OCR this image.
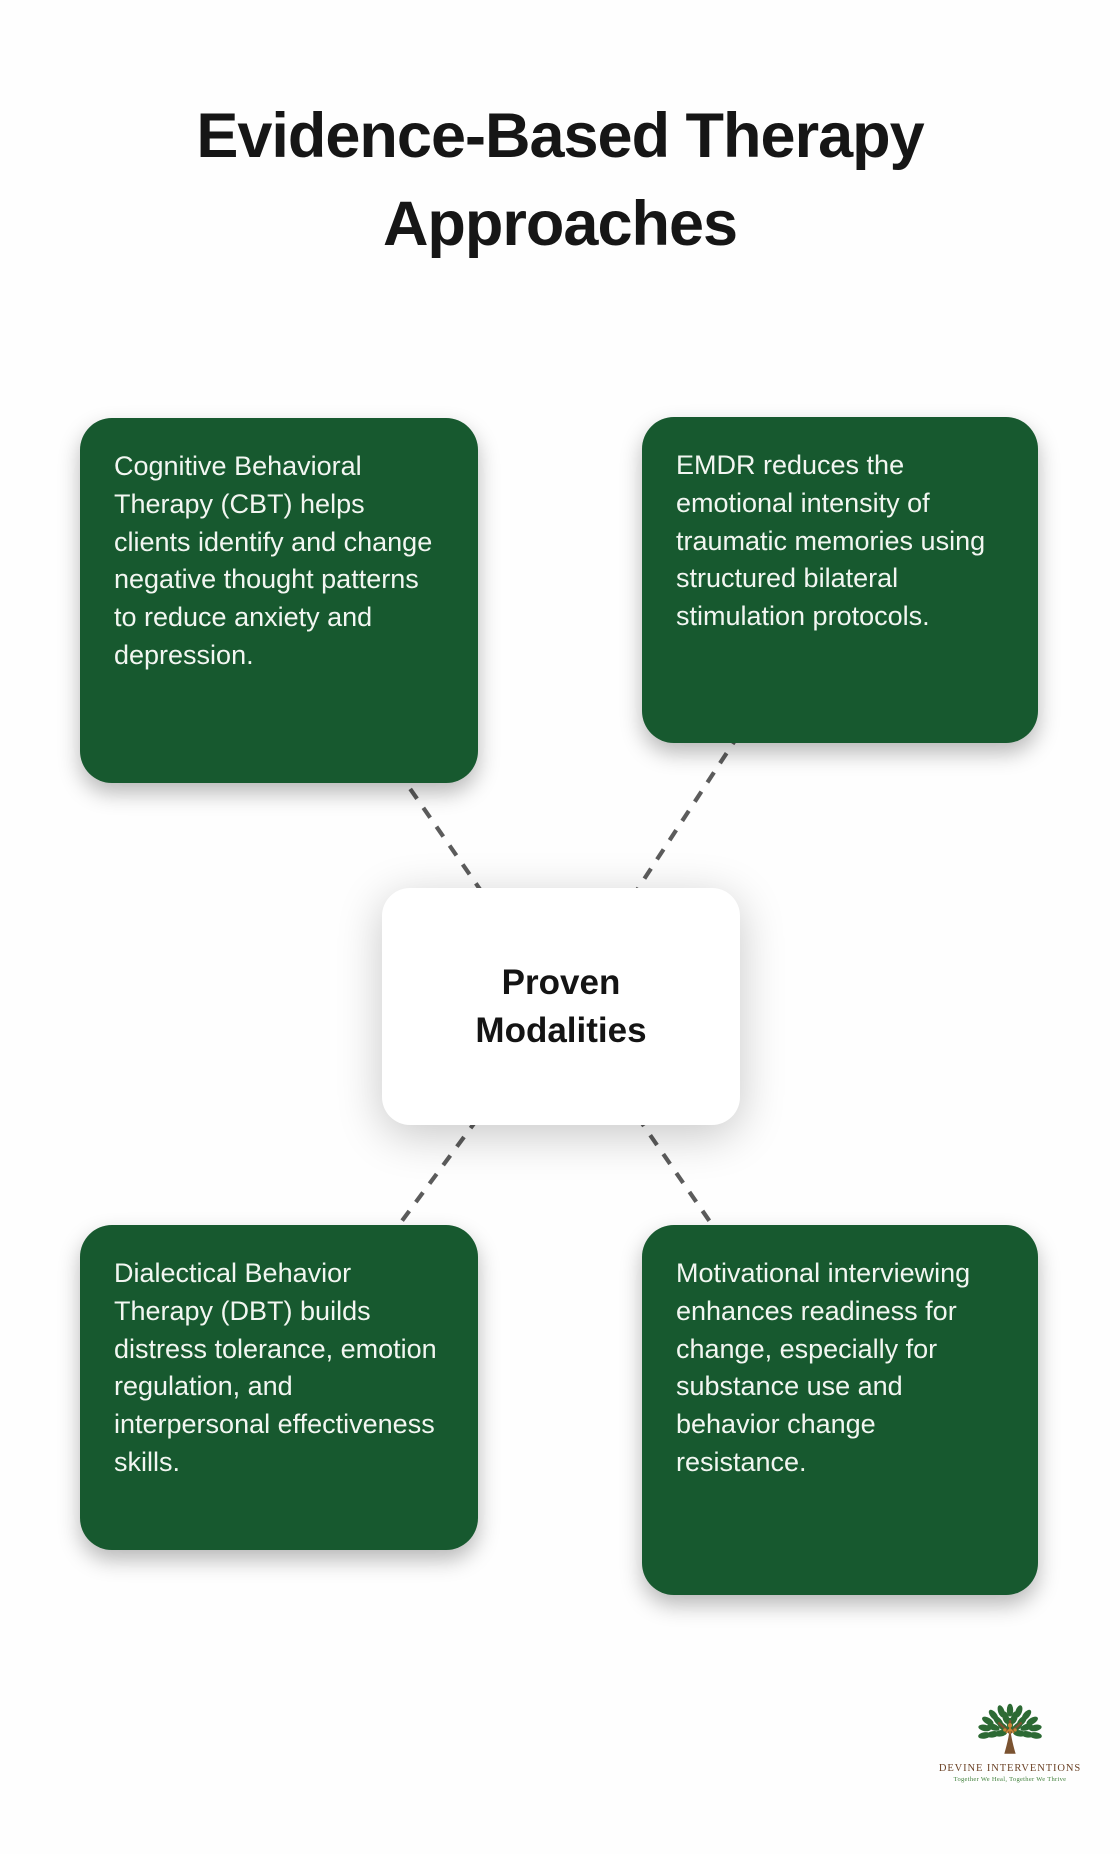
Evidence-Based Therapy Approaches
Cognitive Behavioral Therapy (CBT) helps clients identify and change negative thought patterns to reduce anxiety and depression.
EMDR reduces the emotional intensity of traumatic memories using structured bilateral stimulation protocols.
Proven Modalities
Dialectical Behavior Therapy (DBT) builds distress tolerance, emotion regulation, and interpersonal effectiveness skills.
Motivational interviewing enhances readiness for change, especially for substance use and behavior change resistance.
DEVINE INTERVENTIONS
Together We Heal, Together We Thrive
